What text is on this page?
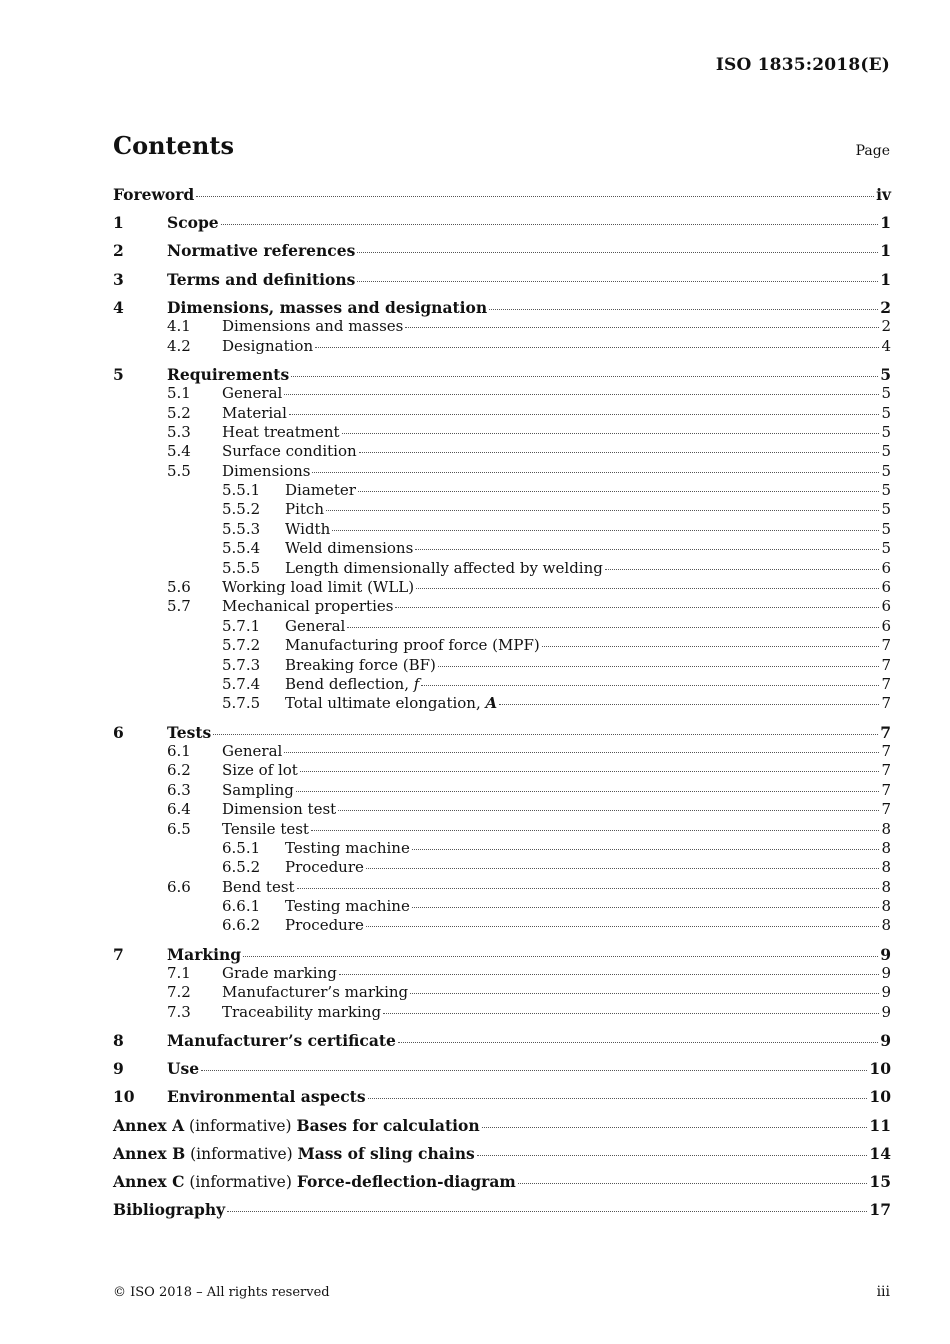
ISO 1835:2018(E)
Contents	Page
Foreword	iv
1	Scope	1
2	Normative references	1
3	Terms and definitions	1
4	Dimensions, masses and designation	2
4.1	Dimensions and masses	2
4.2	Designation	4
5	Requirements	5
5.1	General	5
5.2	Material	5
5.3	Heat treatment	5
5.4	Surface condition	5
5.5	Dimensions	5
5.5.1	Diameter	5
5.5.2	Pitch	5
5.5.3	Width	5
5.5.4	Weld dimensions	5
5.5.5	Length dimensionally affected by welding	6
5.6	Working load limit (WLL)	6
5.7	Mechanical properties	6
5.7.1	General	6
5.7.2	Manufacturing proof force (MPF)	7
5.7.3	Breaking force (BF)	7
5.7.4	Bend deflection, f	7
5.7.5	Total ultimate elongation, A	7
6	Tests	7
6.1	General	7
6.2	Size of lot	7
6.3	Sampling	7
6.4	Dimension test	7
6.5	Tensile test	8
6.5.1	Testing machine	8
6.5.2	Procedure	8
6.6	Bend test	8
6.6.1	Testing machine	8
6.6.2	Procedure	8
7	Marking	9
7.1	Grade marking	9
7.2	Manufacturer’s marking	9
7.3	Traceability marking	9
8	Manufacturer’s certificate	9
9	Use	10
10	Environmental aspects	10
Annex A (informative) Bases for calculation	11
Annex B (informative) Mass of sling chains	14
Annex C (informative) Force-deflection-diagram	15
Bibliography	17
© ISO 2018 – All rights reserved	iii
